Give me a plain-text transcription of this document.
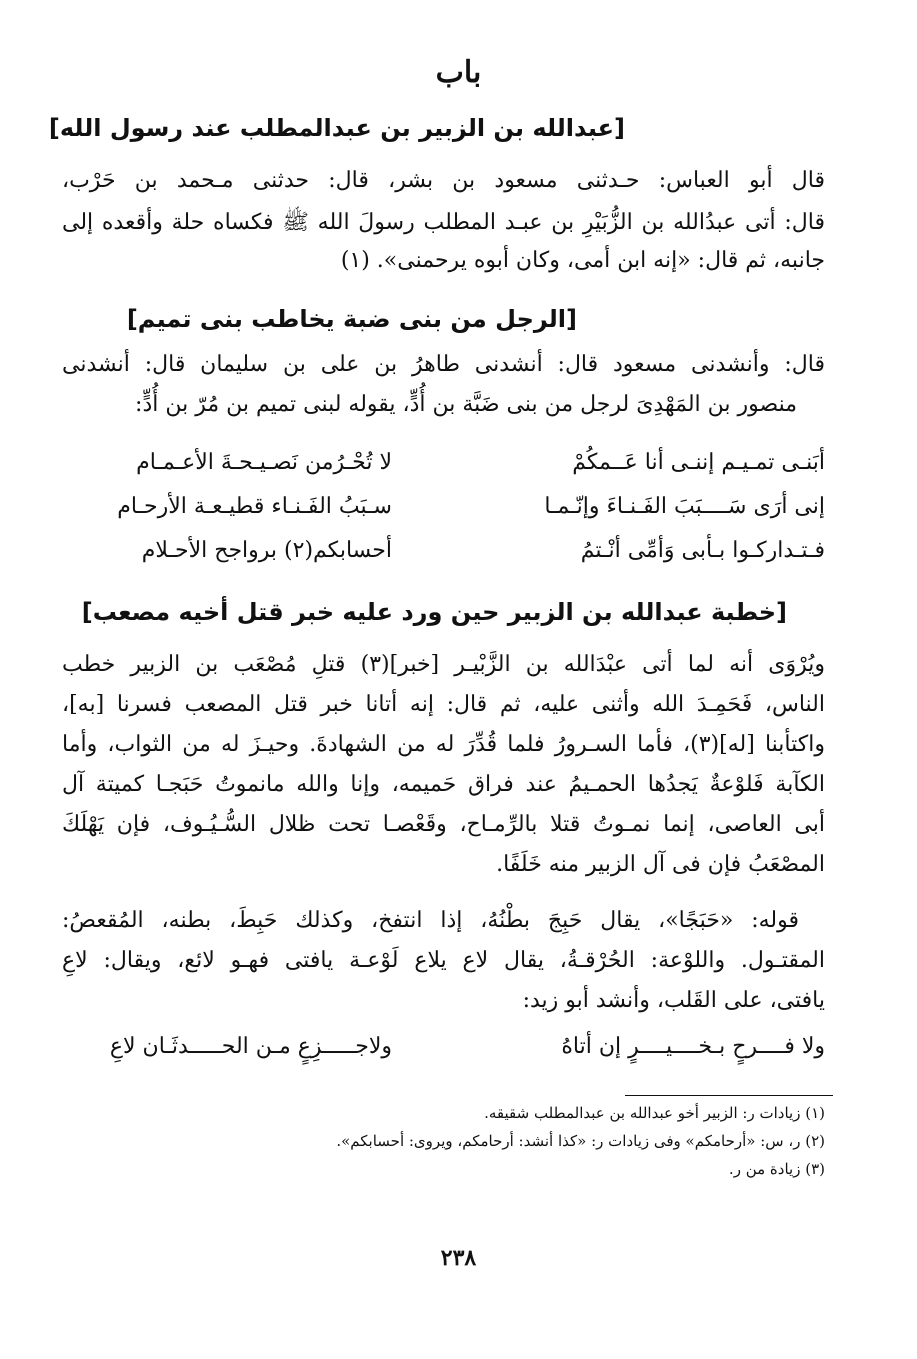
باب
[عبدالله بن الزبير بن عبدالمطلب عند رسول الله]
قال أبو العباس: حـدثنى مسعود بن بشر، قال: حدثنى مـحمد بن حَرْب،
قال: أتى عبدُالله بن الزُّبَيْرِ بن عبـد المطلب رسولَ الله ﷺ فكساه حلة وأقعده إلى
جانبه، ثم قال: «إنه ابن أمى، وكان أبوه يرحمنى». (١)
[الرجل من بنى ضبة يخاطب بنى تميم]
قال: وأنشدنى مسعود قال: أنشدنى طاهرُ بن على بن سليمان قال: أنشدنى
منصور بن المَهْدِىَ لرجل من بنى ضَبَّة بن أُدٍّ، يقوله لبنى تميم بن مُرّ بن أُدٍّ:
أبَنـى تمـيـم إننـى أنا عَــمكُمْ
لا تُحْـرُمن نَصـيـحـةَ الأعـمـام
إنى أرَى سَــــبَبَ الفَـنـاءَ وإنّـمـا
سـبَبُ الفَـنـاء قطيـعـة الأرحـام
فـتـداركـوا بـأبى وَأمِّى أنْـتمُ
أحسابكم(٢) برواجح الأحـلام
[خطبة عبدالله بن الزبير حين ورد عليه خبر قتل أخيه مصعب]
ويُرْوَى أنه لما أتى عبْدَالله بن الزَّبْيـر [خبر](٣) قتلِ مُصْعَب بن الزبير خطب
الناس، فَحَمِـدَ الله وأثنى عليه، ثم قال: إنه أتانا خبر قتل المصعب فسرنا [به]،
واكتأبنا [له](٣)، فأما السـرورُ فلما قُدِّرَ له من الشهادةَ. وحيـزَ له من الثواب، وأما
الكآبة فَلوْعةٌ يَجدُها الحمـيمُ عند فراق حَميمه، وإنا والله مانموتُ حَبَجـا كميتة آل
أبى العاصى، إنما نمـوتُ قتلا بالرِّمـاح، وقَعْصـا تحت ظلال السُّـيُـوف، فإن يَهْلَكَ
المصْعَبُ فإن فى آل الزبير منه خَلَفًا.
قوله: «حَبَجًا»، يقال حَبِجَ بطْنُهُ، إذا انتفخ، وكذلك حَبِطَ، بطنه، المُقعصُ:
المقتـول. واللوْعة: الحُرْقـةُ، يقال لاع يلاع لَوْعـة يافتى فهـو لائع، ويقال: لاعِ
يافتى، على القَلب، وأنشد أبو زيد:
ولا فــــرحٍ بـخــــيــــرٍ إن أتاهُ
ولاجـــــزِعٍ مـن الحـــــدثَـان لاعِ
(١) زيادات ر: الزبير أخو عبدالله بن عبدالمطلب شقيقه.
(٢) ر، س: «أرحامكم» وفى زيادات ر: «كذا أنشد: أرحامكم، ويروى: أحسابكم».
(٣) زيادة من ر.
٢٣٨
